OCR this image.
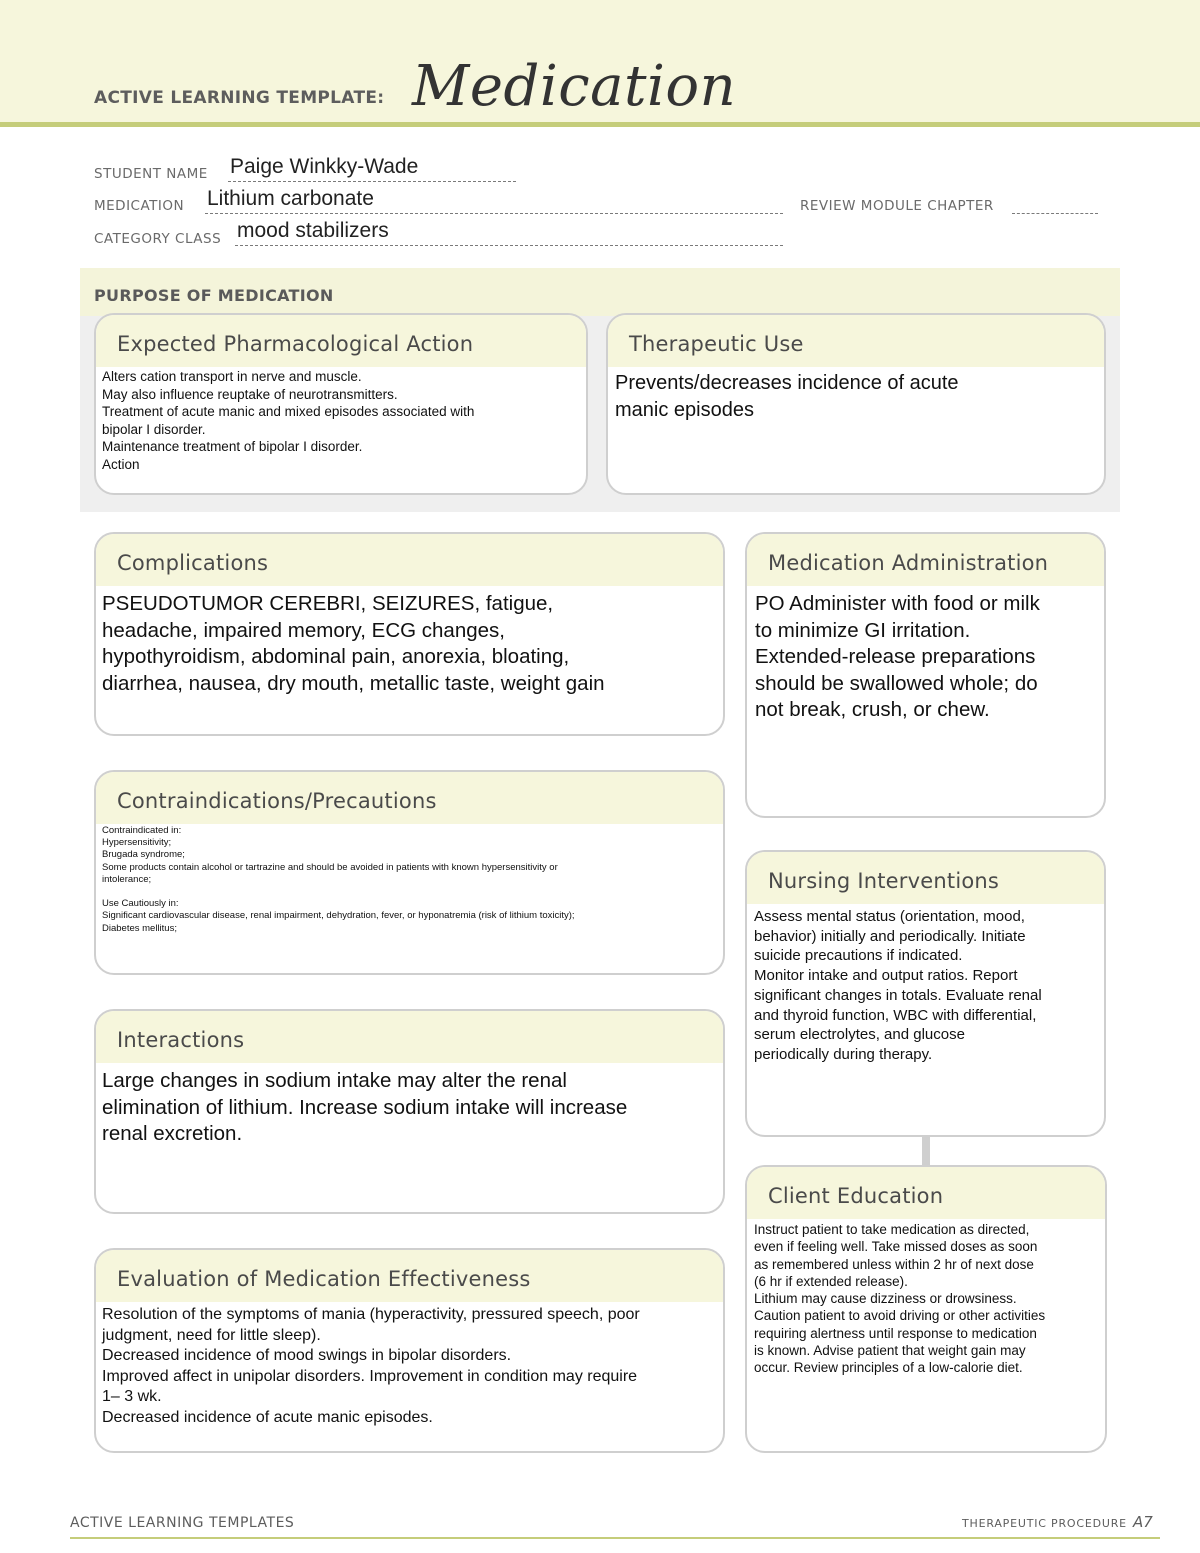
ACTIVE LEARNING TEMPLATE: Medication
STUDENT NAME Paige Winkky-Wade
MEDICATION Lithium carbonate	REVIEW MODULE CHAPTER
CATEGORY CLASS mood stabilizers
PURPOSE OF MEDICATION
Expected Pharmacological Action
Alters cation transport in nerve and muscle.
May also influence reuptake of neurotransmitters.
Treatment of acute manic and mixed episodes associated with
bipolar I disorder.
Maintenance treatment of bipolar I disorder.
Action
Therapeutic Use
Prevents/decreases incidence of acute
manic episodes
Complications
PSEUDOTUMOR CEREBRI, SEIZURES, fatigue,
headache, impaired memory, ECG changes,
hypothyroidism, abdominal pain, anorexia, bloating,
diarrhea, nausea, dry mouth, metallic taste, weight gain
Medication Administration
PO Administer with food or milk
to minimize GI irritation.
Extended-release preparations
should be swallowed whole; do
not break, crush, or chew.
Contraindications/Precautions
Contraindicated in:
Hypersensitivity;
Brugada syndrome;
Some products contain alcohol or tartrazine and should be avoided in patients with known hypersensitivity or
intolerance;

Use Cautiously in:
Significant cardiovascular disease, renal impairment, dehydration, fever, or hyponatremia (risk of lithium toxicity);
Diabetes mellitus;
Nursing Interventions
Assess mental status (orientation, mood,
behavior) initially and periodically. Initiate
suicide precautions if indicated.
Monitor intake and output ratios. Report
significant changes in totals. Evaluate renal
and thyroid function, WBC with differential,
serum electrolytes, and glucose
periodically during therapy.
Interactions
Large changes in sodium intake may alter the renal
elimination of lithium. Increase sodium intake will increase
renal excretion.
Client Education
Instruct patient to take medication as directed,
even if feeling well. Take missed doses as soon
as remembered unless within 2 hr of next dose
(6 hr if extended release).
Lithium may cause dizziness or drowsiness.
Caution patient to avoid driving or other activities
requiring alertness until response to medication
is known. Advise patient that weight gain may
occur. Review principles of a low-calorie diet.
Evaluation of Medication Effectiveness
Resolution of the symptoms of mania (hyperactivity, pressured speech, poor
judgment, need for little sleep).
Decreased incidence of mood swings in bipolar disorders.
Improved affect in unipolar disorders. Improvement in condition may require
1– 3 wk.
Decreased incidence of acute manic episodes.
ACTIVE LEARNING TEMPLATES	THERAPEUTIC PROCEDURE A7
